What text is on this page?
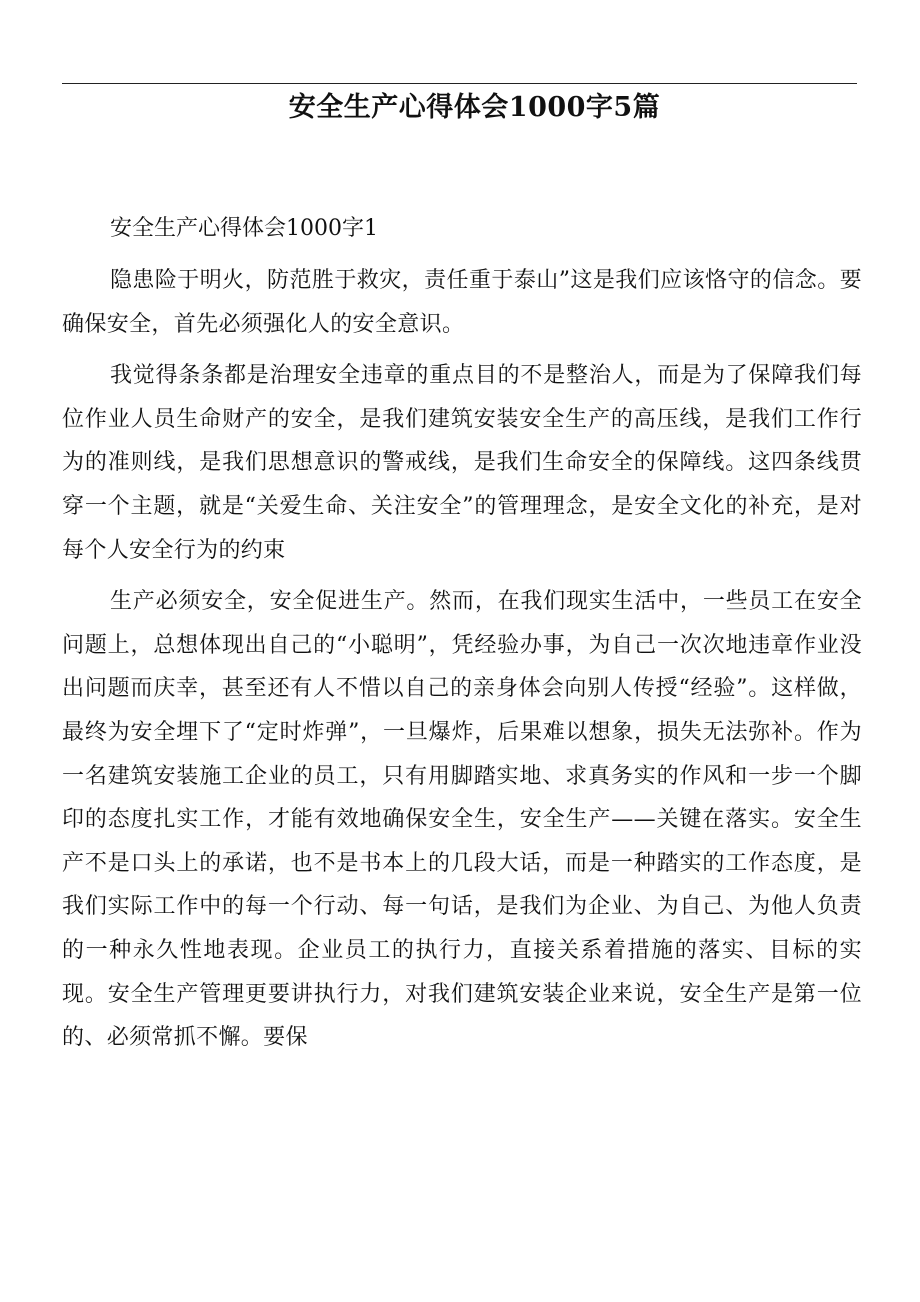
安全生产心得体会1000字5篇
安全生产心得体会1000字1

隐患险于明火，防范胜于救灾，责任重于泰山”这是我们应该恪守的信念。要确保安全，首先必须强化人的安全意识。

我觉得条条都是治理安全违章的重点目的不是整治人，而是为了保障我们每位作业人员生命财产的安全，是我们建筑安装安全生产的高压线，是我们工作行为的准则线，是我们思想意识的警戒线，是我们生命安全的保障线。这四条线贯穿一个主题，就是“关爱生命、关注安全”的管理理念，是安全文化的补充，是对每个人安全行为的约束

生产必须安全，安全促进生产。然而，在我们现实生活中，一些员工在安全问题上，总想体现出自己的“小聪明”，凭经验办事，为自己一次次地违章作业没出问题而庆幸，甚至还有人不惜以自己的亲身体会向别人传授“经验”。这样做，最终为安全埋下了“定时炸弹”，一旦爆炸，后果难以想象，损失无法弥补。作为一名建筑安装施工企业的员工，只有用脚踏实地、求真务实的作风和一步一个脚印的态度扎实工作，才能有效地确保安全生，安全生产——关键在落实。安全生产不是口头上的承诺，也不是书本上的几段大话，而是一种踏实的工作态度，是我们实际工作中的每一个行动、每一句话，是我们为企业、为自己、为他人负责的一种永久性地表现。企业员工的执行力，直接关系着措施的落实、目标的实现。安全生产管理更要讲执行力，对我们建筑安装企业来说，安全生产是第一位的、必须常抓不懈。要保
